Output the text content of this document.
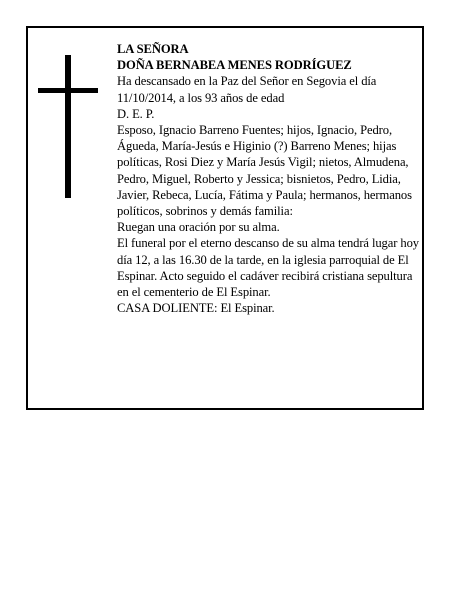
LA SEÑORA

DOÑA BERNABEA MENES RODRÍGUEZ

Ha descansado en la Paz del Señor en Segovia el día

11/10/2014, a los 93 años de edad

D. E. P.

Esposo, Ignacio Barreno Fuentes; hijos, Ignacio, Pedro, Águeda, María-Jesús e Higinio (?) Barreno Menes; hijas políticas, Rosi Diez y María Jesús Vigil; nietos, Almudena, Pedro, Miguel, Roberto y Jessica; bisnietos, Pedro, Lidia, Javier, Rebeca, Lucía, Fátima y Paula; hermanos, hermanos políticos, sobrinos y demás familia:

Ruegan una oración por su alma.

El funeral por el eterno descanso de su alma tendrá lugar hoy día 12, a las 16.30 de la tarde, en la iglesia parroquial de El Espinar. Acto seguido el cadáver recibirá cristiana sepultura en el cementerio de El Espinar.

CASA DOLIENTE: El Espinar.
